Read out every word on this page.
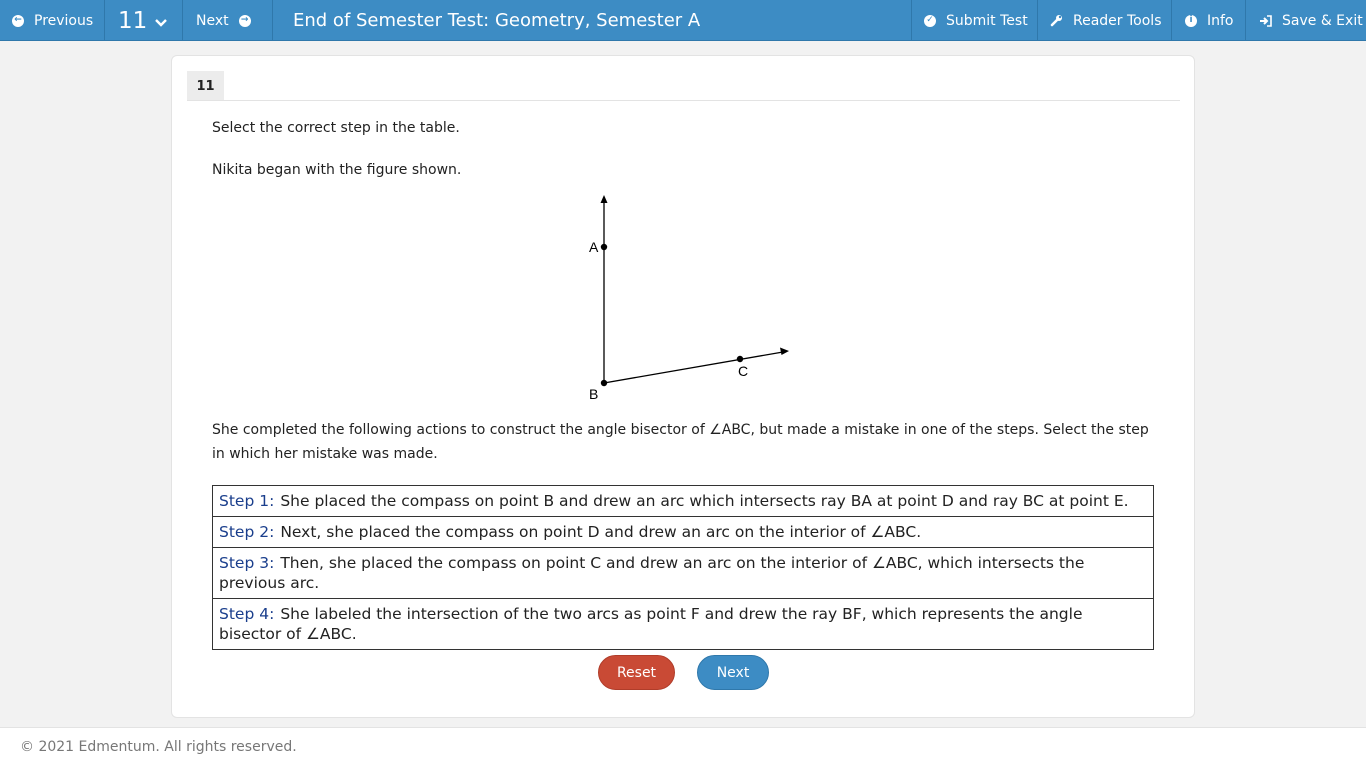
← Previous 11	Next → End of Semester Test: Geometry, Semester A	✓ Submit Test	Reader Tools	i	Info	Save & Exit
11
Select the correct step in the table.
Nikita began with the figure shown.
A
B
C
She completed the following actions to construct the angle bisector of ∠ABC, but made a mistake in one of the steps. Select the step in which her mistake was made.
Step 1: She placed the compass on point B and drew an arc which intersects ray BA at point D and ray BC at point E.
Step 2: Next, she placed the compass on point D and drew an arc on the interior of ∠ABC.
Step 3: Then, she placed the compass on point C and drew an arc on the interior of ∠ABC, which intersects the previous arc.
Step 4: She labeled the intersection of the two arcs as point F and drew the ray BF, which represents the angle bisector of ∠ABC.
Reset	Next
© 2021 Edmentum. All rights reserved.
